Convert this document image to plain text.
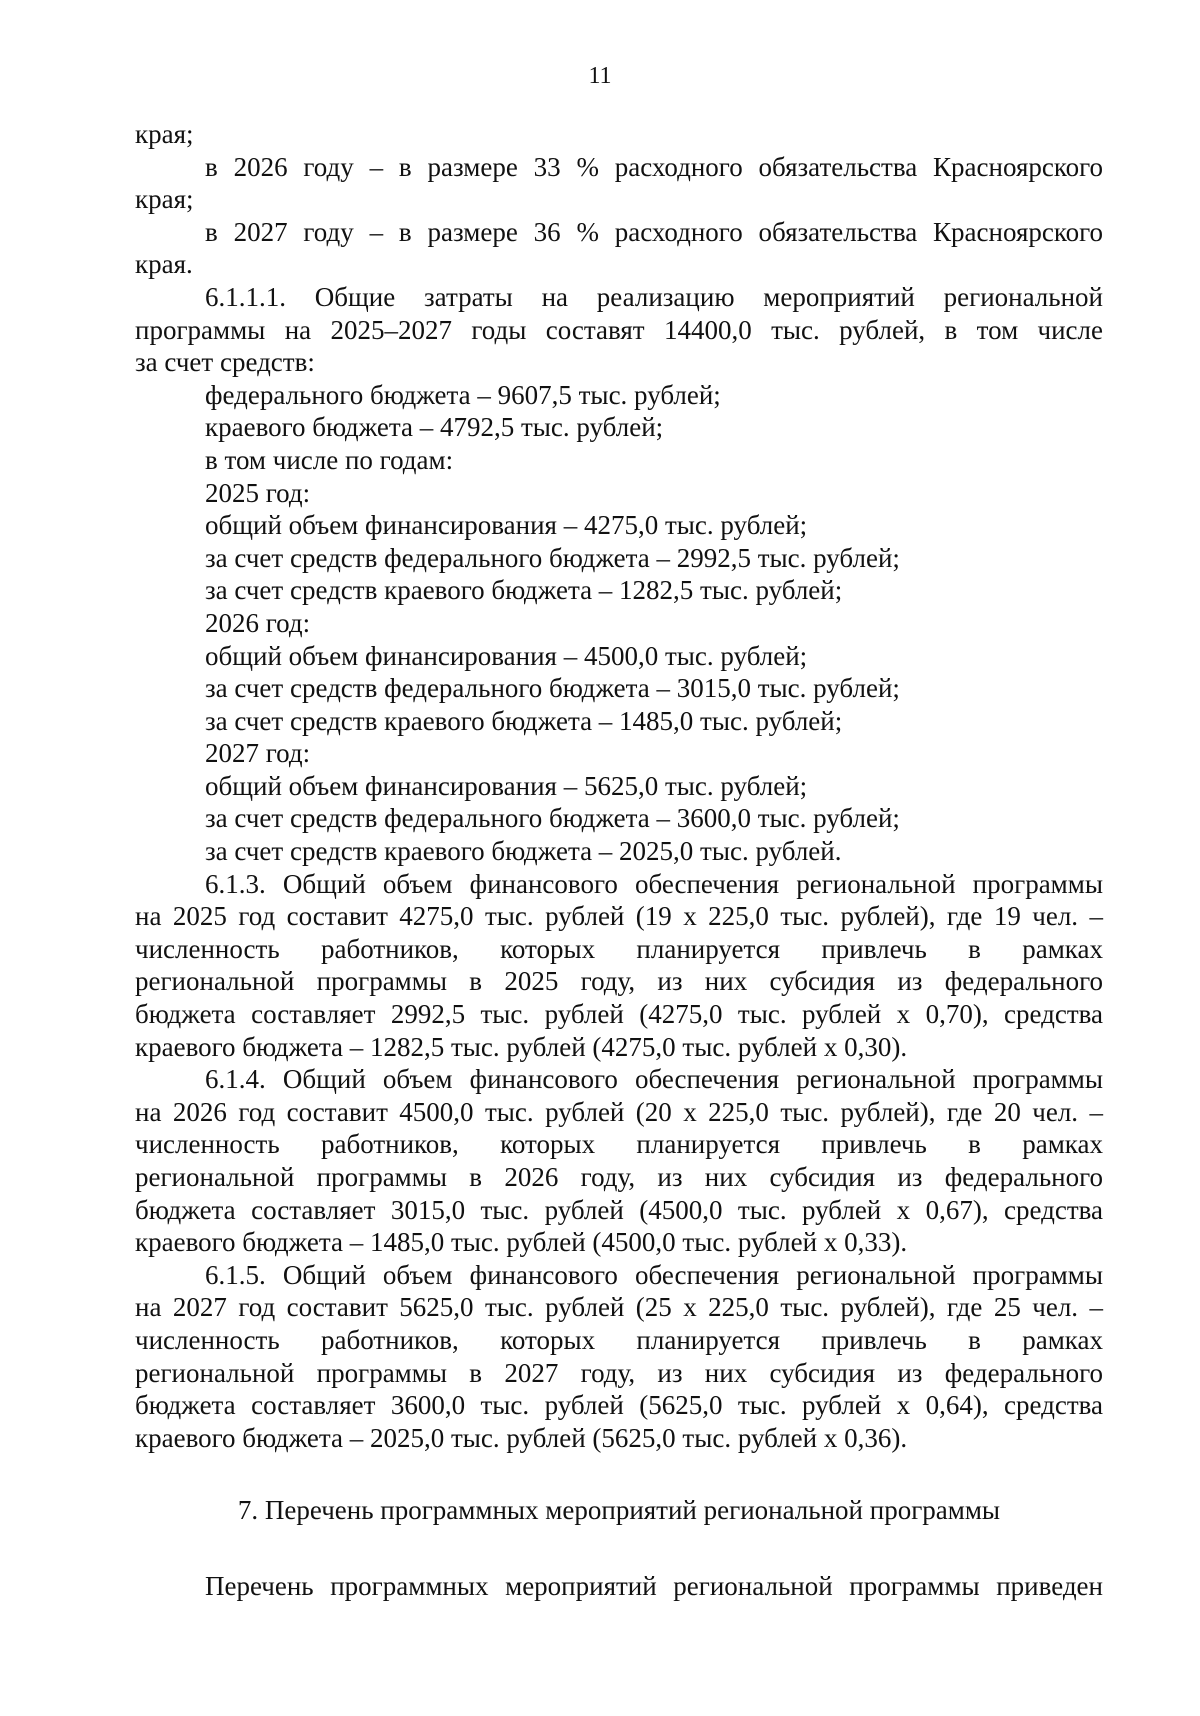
11
края;
в 2026 году – в размере 33 % расходного обязательства Красноярского
края;
в 2027 году – в размере 36 % расходного обязательства Красноярского
края.
6.1.1.1. Общие затраты на реализацию мероприятий региональной
программы на 2025–2027 годы составят 14400,0 тыс. рублей, в том числе
за счет средств:
федерального бюджета – 9607,5 тыс. рублей;
краевого бюджета – 4792,5 тыс. рублей;
в том числе по годам:
2025 год:
общий объем финансирования – 4275,0 тыс. рублей;
за счет средств федерального бюджета – 2992,5 тыс. рублей;
за счет средств краевого бюджета – 1282,5 тыс. рублей;
2026 год:
общий объем финансирования – 4500,0 тыс. рублей;
за счет средств федерального бюджета – 3015,0 тыс. рублей;
за счет средств краевого бюджета – 1485,0 тыс. рублей;
2027 год:
общий объем финансирования – 5625,0 тыс. рублей;
за счет средств федерального бюджета – 3600,0 тыс. рублей;
за счет средств краевого бюджета – 2025,0 тыс. рублей.
6.1.3. Общий объем финансового обеспечения региональной программы
на 2025 год составит 4275,0 тыс. рублей (19 х 225,0 тыс. рублей), где 19 чел. –
численность работников, которых планируется привлечь в рамках
региональной программы в 2025 году, из них субсидия из федерального
бюджета составляет 2992,5 тыс. рублей (4275,0 тыс. рублей х 0,70), средства
краевого бюджета – 1282,5 тыс. рублей (4275,0 тыс. рублей х 0,30).
6.1.4. Общий объем финансового обеспечения региональной программы
на 2026 год составит 4500,0 тыс. рублей (20 х 225,0 тыс. рублей), где 20 чел. –
численность работников, которых планируется привлечь в рамках
региональной программы в 2026 году, из них субсидия из федерального
бюджета составляет 3015,0 тыс. рублей (4500,0 тыс. рублей х 0,67), средства
краевого бюджета – 1485,0 тыс. рублей (4500,0 тыс. рублей х 0,33).
6.1.5. Общий объем финансового обеспечения региональной программы
на 2027 год составит 5625,0 тыс. рублей (25 х 225,0 тыс. рублей), где 25 чел. –
численность работников, которых планируется привлечь в рамках
региональной программы в 2027 году, из них субсидия из федерального
бюджета составляет 3600,0 тыс. рублей (5625,0 тыс. рублей х 0,64), средства
краевого бюджета – 2025,0 тыс. рублей (5625,0 тыс. рублей х 0,36).
7. Перечень программных мероприятий региональной программы
Перечень программных мероприятий региональной программы приведен
